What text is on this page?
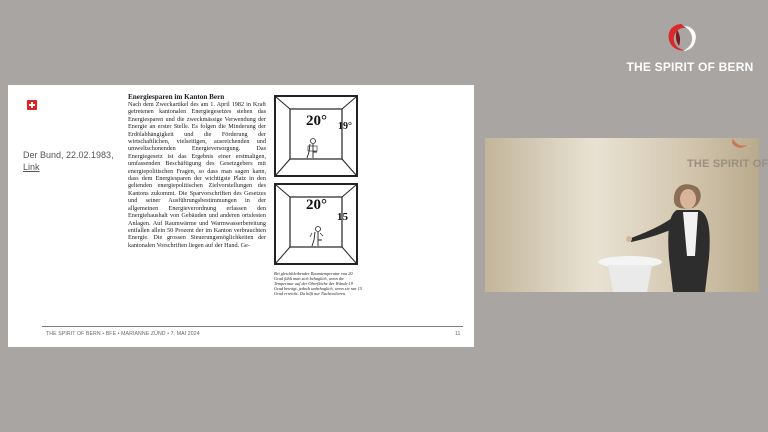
Der Bund, 22.02.1983,
Link
Energiesparen im Kanton Bern
Nach dem Zweckartikel des am 1. April 1982 in Kraft getretenen kantonalen Energiegesetzes stehen das Energiesparen und die zweckmässige Verwendung der Energie an erster Stelle. Es folgen die Minderung der Erdölabhängigkeit und die Förderung der wirtschaftlichen, vielseitigen, ausreichenden und umweltschonenden Energieversorgung. Das Energiegesetz ist das Ergebnis einer erstmaligen, umfassenden Beschäftigung des Gesetzgebers mit energiepolitischen Fragen, so dass man sagen kann, dass dem Energiesparen der wichtigste Platz in den geltenden energiepolitischen Zielvorstellungen des Kantons zukommt. Die Sparvorschriften des Gesetzes und seiner Ausführungsbestimmungen in der allgemeinen Energieverordnung erfassen den Energiehaushalt von Gebäuden und anderen ortsfesten Anlagen. Auf Raumwärme und Warmwasserbereitung entfallen allein 50 Prozent der im Kanton verbrauchten Energie. Die grossen Steuerungsmöglichkeiten der kantonalen Vorschriften liegen auf der Hand. Ge-
20° 19°
20°
15
Bei gleichbleibender Raumtemperatur von 20 Grad fühlt man sich behaglich, wenn die Temperatur auf der Oberfläche der Wände 19 Grad beträgt, jedoch unbehaglich, wenn sie nur 15 Grad erreicht. Da hilft nur Nachisolieren.
THE SPIRIT OF BERN • BFE • MARIANNE ZÜND • 7. MAI 2024	11
THE SPIRIT OF BERN
THE SPIRIT OF
